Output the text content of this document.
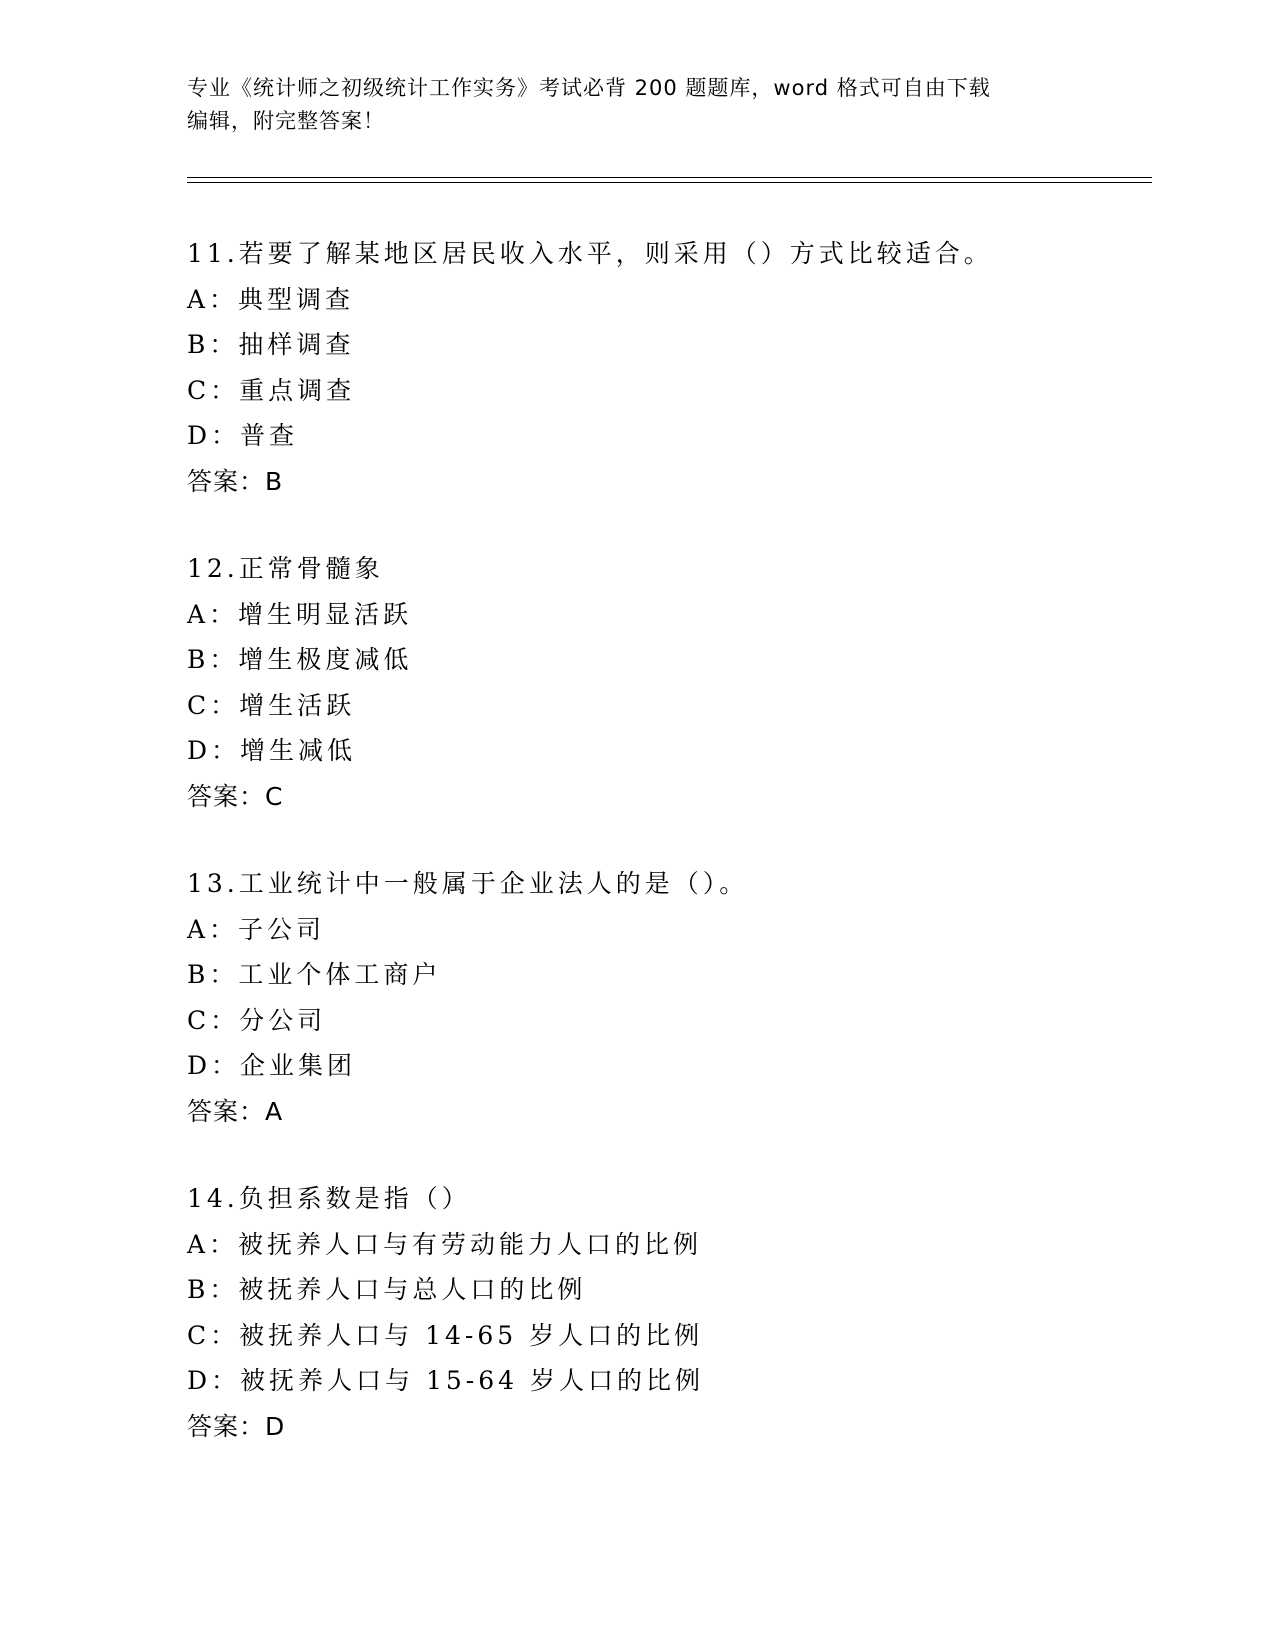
专业《统计师之初级统计工作实务》考试必背 200 题题库，word 格式可自由下载
编辑，附完整答案！
11.若要了解某地区居民收入水平，则采用（）方式比较适合。
A：典型调查
B：抽样调查
C：重点调查
D：普查
答案：B
12.正常骨髓象
A：增生明显活跃
B：增生极度减低
C：增生活跃
D：增生减低
答案：C
13.工业统计中一般属于企业法人的是（）。
A：子公司
B：工业个体工商户
C：分公司
D：企业集团
答案：A
14.负担系数是指（）
A：被抚养人口与有劳动能力人口的比例
B：被抚养人口与总人口的比例
C：被抚养人口与 14-65 岁人口的比例
D：被抚养人口与 15-64 岁人口的比例
答案：D
